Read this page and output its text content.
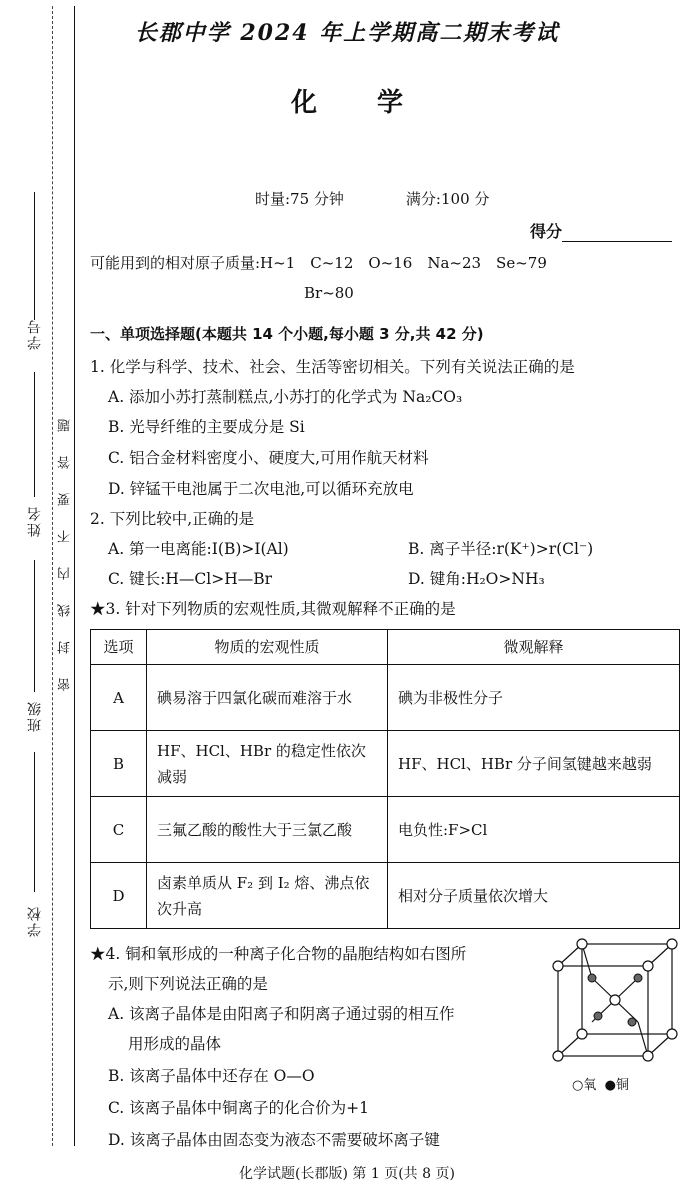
学号
姓名
班级
学校
密封线内不要答题
长郡中学 2024 年上学期高二期末考试
化学
时量:75 分钟	满分:100 分
得分
可能用到的相对原子质量:H~1　C~12　O~16　Na~23　Se~79
Br~80
一、单项选择题(本题共 14 个小题,每小题 3 分,共 42 分)
1. 化学与科学、技术、社会、生活等密切相关。下列有关说法正确的是
A. 添加小苏打蒸制糕点,小苏打的化学式为 Na₂CO₃
B. 光导纤维的主要成分是 Si
C. 铝合金材料密度小、硬度大,可用作航天材料
D. 锌锰干电池属于二次电池,可以循环充放电
2. 下列比较中,正确的是
A. 第一电离能:I(B)>I(Al)	B. 离子半径:r(K⁺)>r(Cl⁻)
C. 键长:H—Cl>H—Br	D. 键角:H₂O>NH₃
★3. 针对下列物质的宏观性质,其微观解释不正确的是
选项	物质的宏观性质	微观解释
A	碘易溶于四氯化碳而难溶于水	碘为非极性分子
B	HF、HCl、HBr 的稳定性依次减弱	HF、HCl、HBr 分子间氢键越来越弱
C	三氟乙酸的酸性大于三氯乙酸	电负性:F>Cl
D	卤素单质从 F₂ 到 I₂ 熔、沸点依次升高	相对分子质量依次增大
★4. 铜和氧形成的一种离子化合物的晶胞结构如右图所
示,则下列说法正确的是
A. 该离子晶体是由阳离子和阴离子通过弱的相互作
用形成的晶体
B. 该离子晶体中还存在 O—O
C. 该离子晶体中铜离子的化合价为+1
D. 该离子晶体由固态变为液态不需要破坏离子键
○氧 ●铜
化学试题(长郡版) 第 1 页(共 8 页)
